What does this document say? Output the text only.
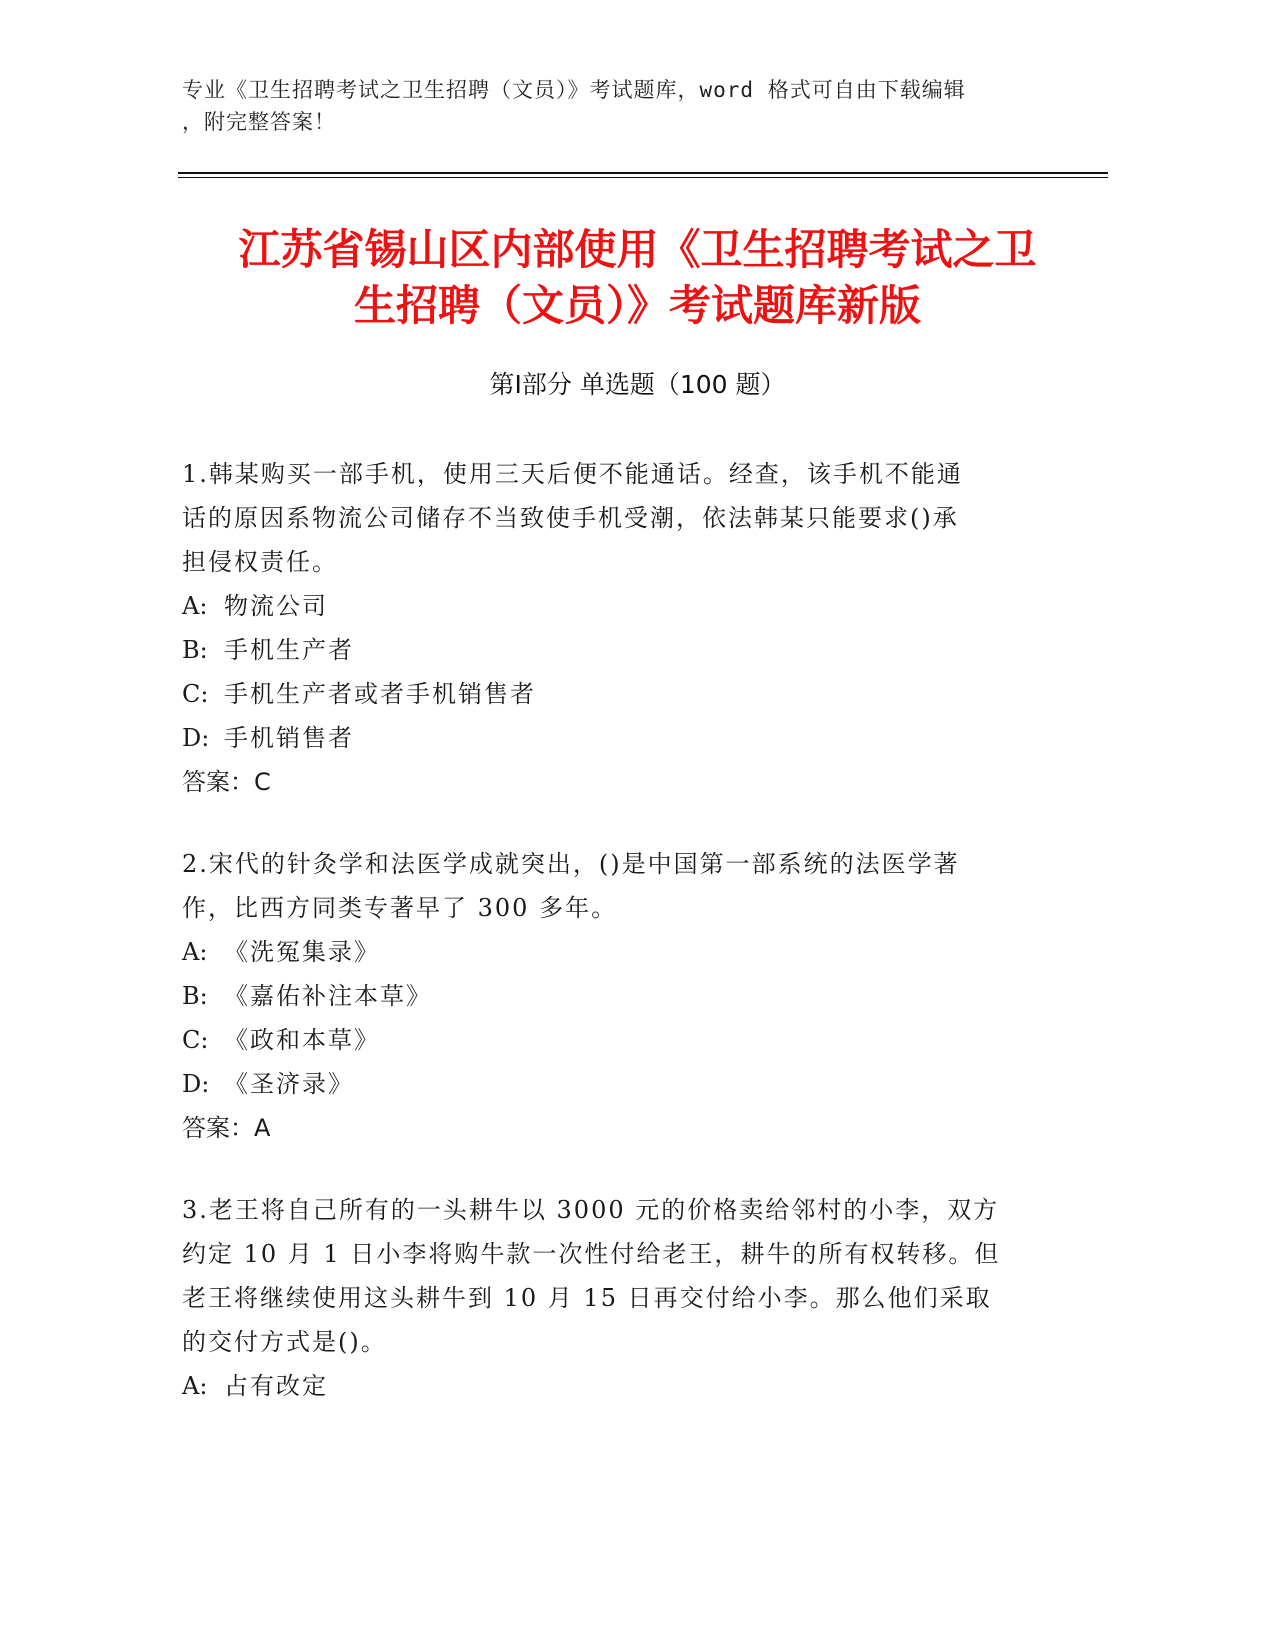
专业《卫生招聘考试之卫生招聘（文员）》考试题库，word 格式可自由下载编辑
，附完整答案！
江苏省锡山区内部使用《卫生招聘考试之卫
生招聘（文员）》考试题库新版
第Ⅰ部分 单选题（100 题）
1.韩某购买一部手机，使用三天后便不能通话。经查，该手机不能通
话的原因系物流公司储存不当致使手机受潮，依法韩某只能要求()承
担侵权责任。
A: 物流公司
B: 手机生产者
C: 手机生产者或者手机销售者
D: 手机销售者
答案：C
2.宋代的针灸学和法医学成就突出，()是中国第一部系统的法医学著
作，比西方同类专著早了 300 多年。
A: 《洗冤集录》
B: 《嘉佑补注本草》
C: 《政和本草》
D: 《圣济录》
答案：A
3.老王将自己所有的一头耕牛以 3000 元的价格卖给邻村的小李，双方
约定 10 月 1 日小李将购牛款一次性付给老王，耕牛的所有权转移。但
老王将继续使用这头耕牛到 10 月 15 日再交付给小李。那么他们采取
的交付方式是()。
A: 占有改定
